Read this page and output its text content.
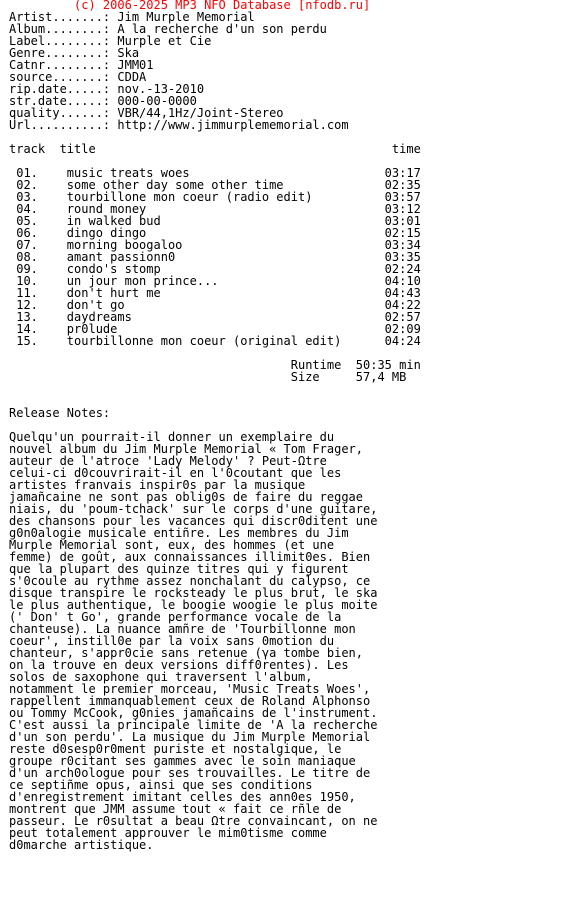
(c) 2006-2025 MP3 NFO Database [nfodb.ru]
Artist.......: Jim Murple Memorial
Album........: A la recherche d'un son perdu
Label........: Murple et Cie
Genre........: Ska
Catnr........: JMM01
source.......: CDDA
rip.date.....: nov.-13-2010
str.date.....: 000-00-0000
quality......: VBR/44,1Hz/Joint-Stereo
Url..........: http://www.jimmurplememorial.com
track  title                                         time
01.    music treats woes                           03:17
02.    some other day some other time              02:35
03.    tourbillone mon coeur (radio edit)          03:57
04.    round money                                 03:12
05.    in walked bud                               03:01
06.    dingo dingo                                 02:15
07.    morning boogaloo                            03:34
08.    amant passionn0                             03:35
09.    condo's stomp                               02:24
10.    un jour mon prince...                       04:10
11.    don't hurt me                               04:43
12.    don't go                                    04:22
13.    daydreams                                   02:57
14.    pr0lude                                     02:09
15.    tourbillonne mon coeur (original edit)      04:24
Runtime  50:35 min
Size     57,4 MB
Release Notes:
Quelqu'un pourrait-il donner un exemplaire du
nouvel album du Jim Murple Memorial « Tom Frager,
auteur de l'atroce 'Lady Melody' ? Peut-Ωtre
celui-ci d0couvrirait-il en l'0coutant que les
artistes franvais inspir0s par la musique
jamañcaine ne sont pas oblig0s de faire du reggae
niais, du 'poum-tchack' sur le corps d'une guitare,
des chansons pour les vacances qui discr0ditent une
g0n0alogie musicale entiñre. Les membres du Jim
Murple Memorial sont, eux, des hommes (et une
femme) de goût, aux connaissances illimit0es. Bien
que la plupart des quinze titres qui y figurent
s'0coule au rythme assez nonchalant du calypso, ce
disque transpire le rocksteady le plus brut, le ska
le plus authentique, le boogie woogie le plus moite
(' Don' t Go', grande performance vocale de la
chanteuse). La nuance amñre de 'Tourbillonne mon
coeur', instill0e par la voix sans 0motion du
chanteur, s'appr0cie sans retenue (γa tombe bien,
on la trouve en deux versions diff0rentes). Les
solos de saxophone qui traversent l'album,
notamment le premier morceau, 'Music Treats Woes',
rappellent immanquablement ceux de Roland Alphonso
ou Tommy McCook, g0nies jamañcains de l'instrument.
C'est aussi la principale limite de 'A la recherche
d'un son perdu'. La musique du Jim Murple Memorial
reste d0sesp0r0ment puriste et nostalgique, le
groupe r0citant ses gammes avec le soin maniaque
d'un arch0ologue pour ses trouvailles. Le titre de
ce septiñme opus, ainsi que ses conditions
d'enregistrement imitant celles des ann0es 1950,
montrent que JMM assume tout « fait ce rñle de
passeur. Le r0sultat a beau Ωtre convaincant, on ne
peut totalement approuver le mim0tisme comme
d0marche artistique.
